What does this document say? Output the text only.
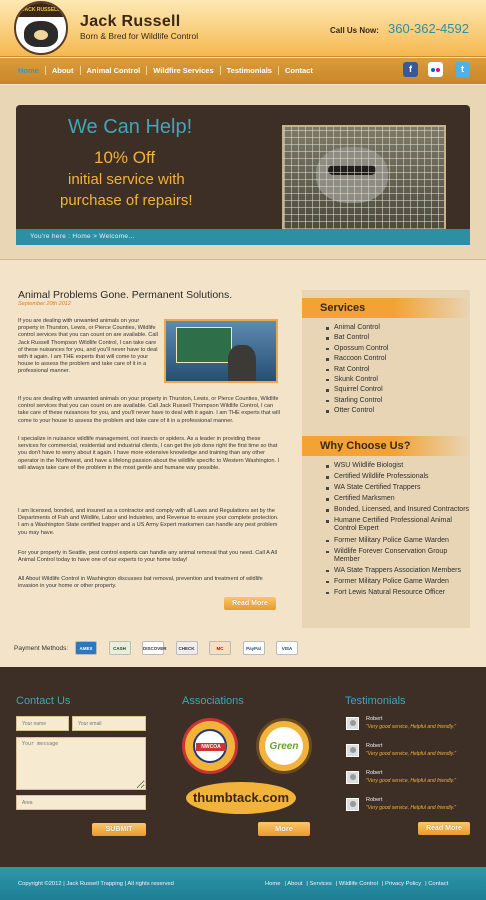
JACK RUSSELL
Jack Russell
Born & Bred for Wildlife Control
Call Us Now: 360-362-4592
Home	About	Animal Control	Wildfire Services	Testimonials	Contact	f	t
We Can Help!
10% Off
initial service with
purchase of repairs!
You're here : Home > Welcome...
Animal Problems Gone. Permanent Solutions.
September 20th 2012
If you are dealing with unwanted animals on your property in Thurston, Lewis, or Pierce Counties, Wildlife control services that you can count on are available. Call Jack Russell Thompson Wildlife Control, I can take care of these nuisances for you, and you'll never have to deal with it again. I am THE experts that will come to your house to assess the problem and take care of it in a professional manner.
If you are dealing with unwanted animals on your property in Thurston, Lewis, or Pierce Counties, Wildlife control services that you can count on are available. Call Jack Russell Thompson Wildlife Control, I can take care of these nuisances for you, and you'll never have to deal with it again. I am THE experts that will come to your house to assess the problem and take care of it in a professional manner.
I specialize in nuisance wildlife management, not insects or spiders. As a leader in providing these services for commercial, residential and industrial clients, I can get the job done right the first time so that you don't have to worry about it again. I have more extensive knowledge and training than any other operator in the Northwest, and have a lifelong passion about the wildlife specific to Western Washington. I will always take care of the problem in the most gentle and humane way possible.
I am licensed, bonded, and insured as a contractor and comply with all Laws and Regulations set by the Departments of Fish and Wildlife, Labor and Industries, and Revenue to ensure your complete protection. I am a Washington State certified trapper and a US Army Expert marksmen can handle any pest problem you may have.
For your property in Seattle, pest control experts can handle any animal removal that you need. Call A All Animal Control today to have one of our experts to your home today!
All About Wildlife Control in Washington discusses bat removal, prevention and treatment of wildlife invasion in your home or other property.
Read More
Services
Animal Control
Bat Control
Opossum Control
Raccoon Control
Rat Control
Skunk Control
Squirrel Control
Starling Control
Otter Control
Why Choose Us?
WSU Wildlife Biologist
Certified Wildlife Professionals
WA State Certified Trappers
Certified Marksmen
Bonded, Licensed, and Insured Contractors
Humane Certified Professional Animal Control Expert
Former Military Police Game Warden
Wildlife Forever Conservation Group Member
WA State Trappers Association Members
Former Military Police Game Warden
Fort Lewis Natural Resource Officer
Payment Methods:	AMEX	CASH	DISCOVER	CHECK	MC	PayPal	VISA
Contact Us
Your name
Your email
Your message
Area
SUBMIT
Associations
NWCOA	Green
thumbtack.com
More
Testimonials
Robert
"Very good service, Helpful and friendly."
Robert
"Very good service, Helpful and friendly."
Robert
"Very good service, Helpful and friendly."
Robert
"Very good service, Helpful and friendly."
Read More
Copyright ©2012 | Jack Russell Trapping | All rights reserved	Home	| About	| Services	| Wildlife Control	| Privacy Policy	| Contact
